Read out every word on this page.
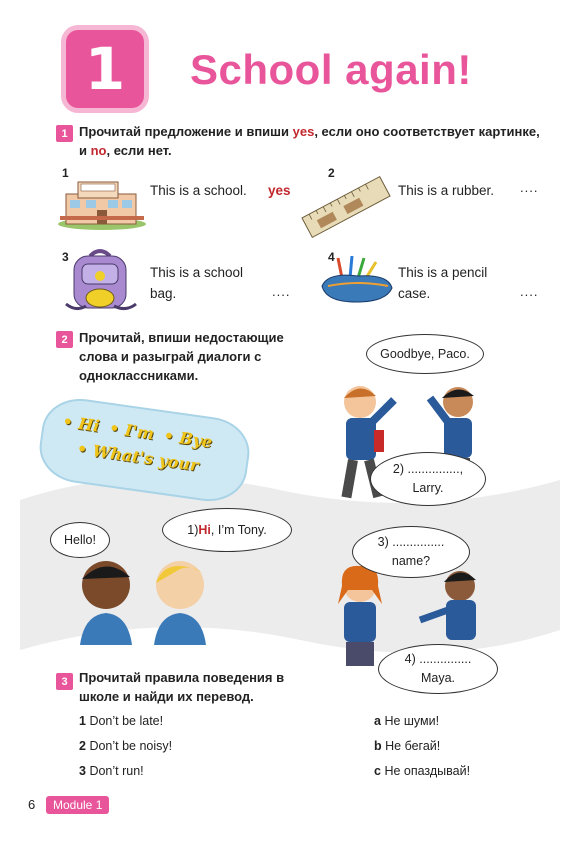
1 School again!
1 Прочитай предложение и впиши yes, если оно соответствует картинке, и no, если нет.
1
This is a school. yes
2
This is a rubber. ....
3
This is a school
bag.	....
4
This is a pencil
case.	....
2 Прочитай, впиши недостающие слова и разыграй диалоги с одноклассниками.
• Hi • I'm • Bye
• What's your
Goodbye, Paco.
2) ...............,
Larry.
Hello!
1) Hi , I’m Tony.
3) ...............
name?
4) ...............
Maya.
3 Прочитай правила поведения в школе и найди их перевод.
1 Don’t be late!
2 Don’t be noisy!
3 Don’t run!
a Не шуми!
b Не бегай!
c Не опаздывай!
6	Module 1
